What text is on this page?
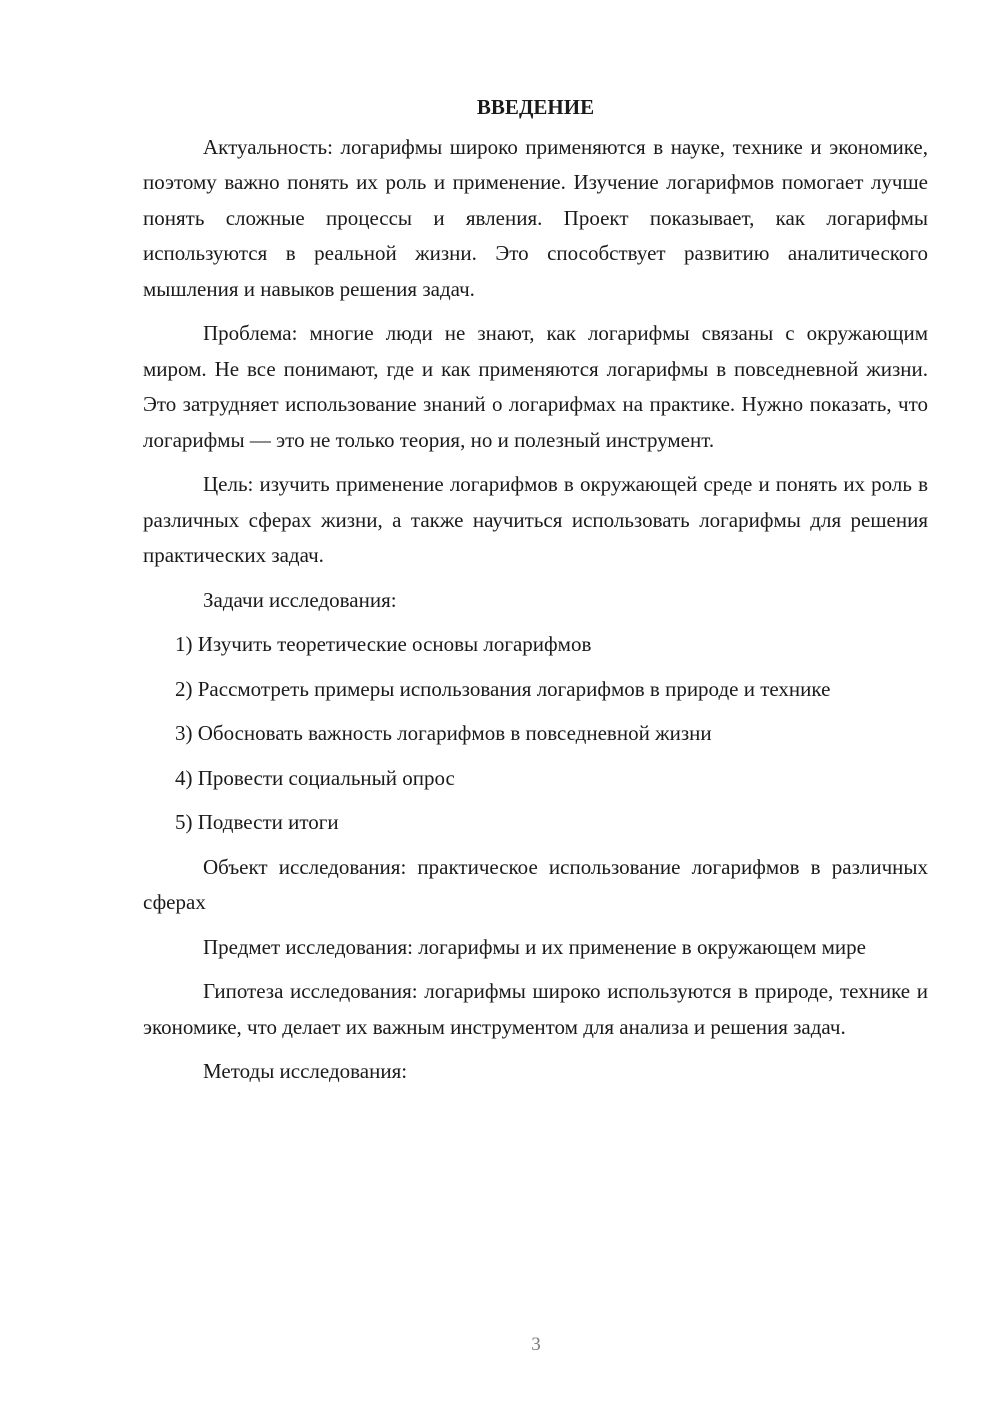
ВВЕДЕНИЕ

Актуальность: логарифмы широко применяются в науке, технике и экономике, поэтому важно понять их роль и применение. Изучение логарифмов помогает лучше понять сложные процессы и явления. Проект показывает, как логарифмы используются в реальной жизни. Это способствует развитию аналитического мышления и навыков решения задач.

Проблема: многие люди не знают, как логарифмы связаны с окружающим миром. Не все понимают, где и как применяются логарифмы в повседневной жизни. Это затрудняет использование знаний о логарифмах на практике. Нужно показать, что логарифмы — это не только теория, но и полезный инструмент.

Цель: изучить применение логарифмов в окружающей среде и понять их роль в различных сферах жизни, а также научиться использовать логарифмы для решения практических задач.

Задачи исследования:

1) Изучить теоретические основы логарифмов

2) Рассмотреть примеры использования логарифмов в природе и технике

3) Обосновать важность логарифмов в повседневной жизни

4) Провести социальный опрос

5) Подвести итоги

Объект исследования: практическое использование логарифмов в различных сферах

Предмет исследования: логарифмы и их применение в окружающем мире

Гипотеза исследования: логарифмы широко используются в природе, технике и экономике, что делает их важным инструментом для анализа и решения задач.

Методы исследования:

3
